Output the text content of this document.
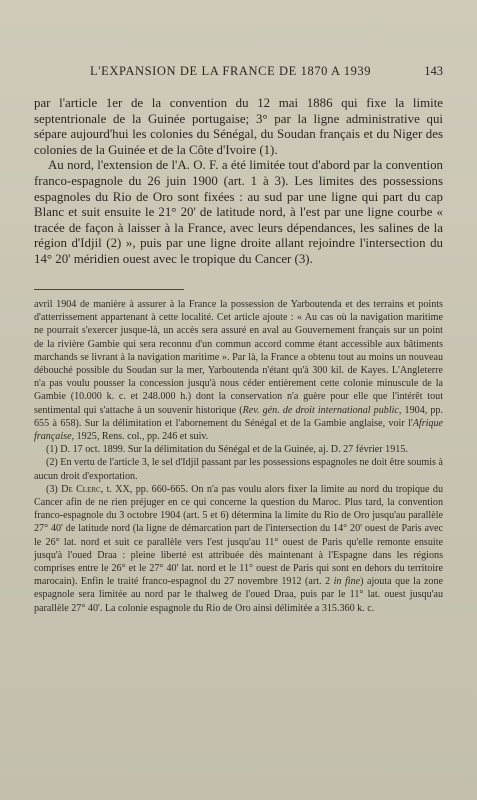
L'EXPANSION DE LA FRANCE DE 1870 A 1939	143

par l'article 1er de la convention du 12 mai 1886 qui fixe la limite septentrionale de la Guinée portugaise; 3° par la ligne administrative qui sépare aujourd'hui les colonies du Sénégal, du Soudan français et du Niger des colonies de la Guinée et de la Côte d'Ivoire (1).

Au nord, l'extension de l'A. O. F. a été limitée tout d'abord par la convention franco-espagnole du 26 juin 1900 (art. 1 à 3). Les limites des possessions espagnoles du Rio de Oro sont fixées : au sud par une ligne qui part du cap Blanc et suit ensuite le 21° 20' de latitude nord, à l'est par une ligne courbe « tracée de façon à laisser à la France, avec leurs dépendances, les salines de la région d'Idjil (2) », puis par une ligne droite allant rejoindre l'intersection du 14° 20' méridien ouest avec le tropique du Cancer (3).

avril 1904 de manière à assurer à la France la possession de Yarboutenda et des terrains et points d'atterrissement appartenant à cette localité. Cet article ajoute : « Au cas où la navigation maritime ne pourrait s'exercer jusque-là, un accès sera assuré en aval au Gouvernement français sur un point de la rivière Gambie qui sera reconnu d'un commun accord comme étant accessible aux bâtiments marchands se livrant à la navigation maritime ». Par là, la France a obtenu tout au moins un nouveau débouché possible du Soudan sur la mer, Yarboutenda n'étant qu'à 300 kil. de Kayes. L'Angleterre n'a pas voulu pousser la concession jusqu'à nous céder entièrement cette colonie minuscule de la Gambie (10.000 k. c. et 248.000 h.) dont la conservation n'a guère pour elle que l'intérêt tout sentimental qui s'attache à un souvenir historique (Rev. gén. de droit international public, 1904, pp. 655 à 658). Sur la délimitation et l'abornement du Sénégal et de la Gambie anglaise, voir l'Afrique française, 1925, Rens. col., pp. 246 et suiv.

(1) D. 17 oct. 1899. Sur la délimitation du Sénégal et de la Guinée, aj. D. 27 février 1915.

(2) En vertu de l'article 3, le sel d'Idjil passant par les possessions espagnoles ne doit être soumis à aucun droit d'exportation.

(3) De Clerc, t. XX, pp. 660-665. On n'a pas voulu alors fixer la limite au nord du tropique du Cancer afin de ne rien préjuger en ce qui concerne la question du Maroc. Plus tard, la convention franco-espagnole du 3 octobre 1904 (art. 5 et 6) détermina la limite du Rio de Oro jusqu'au parallèle 27° 40' de latitude nord (la ligne de démarcation part de l'intersection du 14° 20' ouest de Paris avec le 26° lat. nord et suit ce parallèle vers l'est jusqu'au 11° ouest de Paris qu'elle remonte ensuite jusqu'à l'oued Draa : pleine liberté est attribuée dès maintenant à l'Espagne dans les régions comprises entre le 26° et le 27° 40' lat. nord et le 11° ouest de Paris qui sont en dehors du territoire marocain). Enfin le traité franco-espagnol du 27 novembre 1912 (art. 2 in fine) ajouta que la zone espagnole sera limitée au nord par le thalweg de l'oued Draa, puis par le 11° lat. ouest jusqu'au parallèle 27° 40'. La colonie espagnole du Rio de Oro ainsi délimitée a 315.360 k. c.
